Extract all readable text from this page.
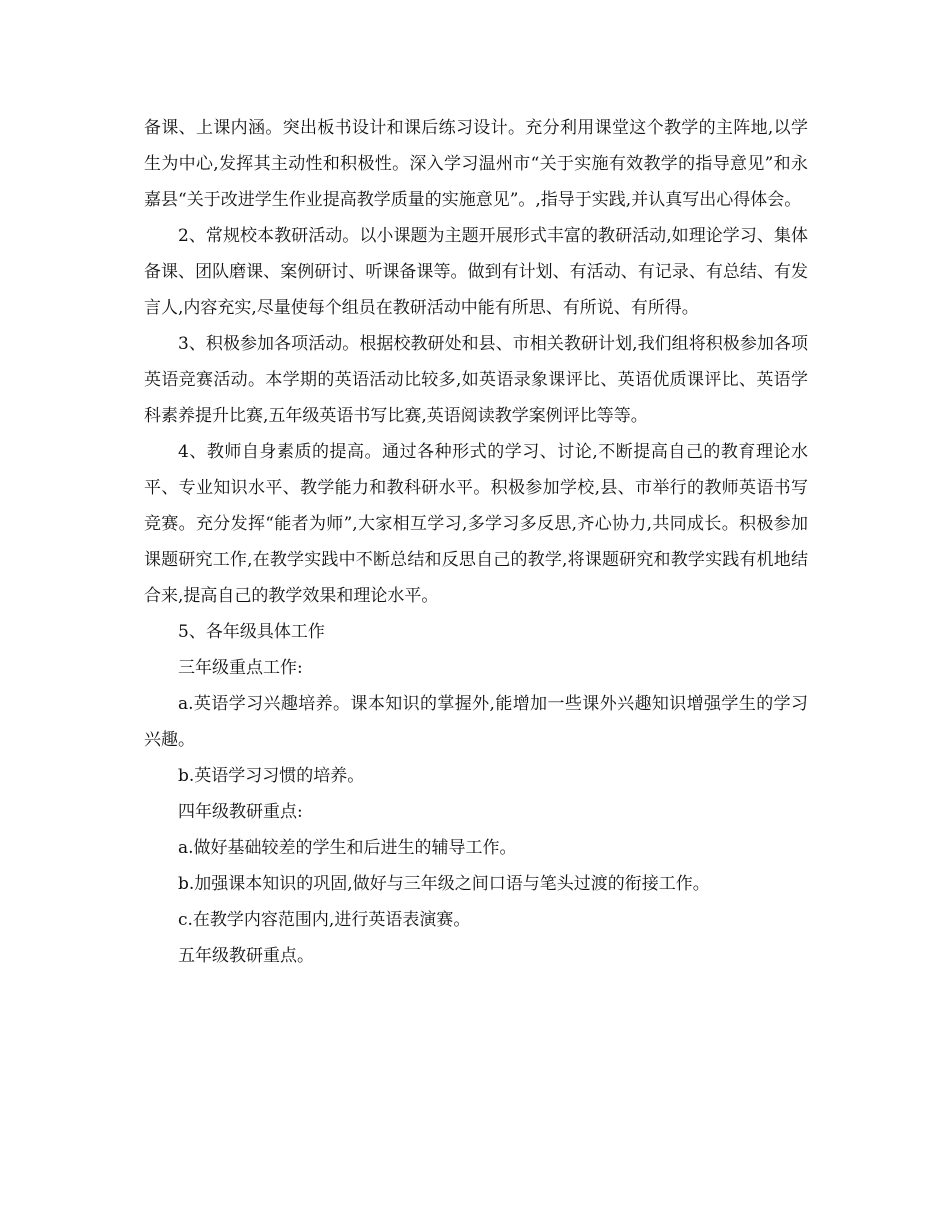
备课、上课内涵。突出板书设计和课后练习设计。充分利用课堂这个教学的主阵地,以学生为中心,发挥其主动性和积极性。深入学习温州市“关于实施有效教学的指导意见”和永嘉县“关于改进学生作业提高教学质量的实施意见”。,指导于实践,并认真写出心得体会。

2、常规校本教研活动。以小课题为主题开展形式丰富的教研活动,如理论学习、集体备课、团队磨课、案例研讨、听课备课等。做到有计划、有活动、有记录、有总结、有发言人,内容充实,尽量使每个组员在教研活动中能有所思、有所说、有所得。

3、积极参加各项活动。根据校教研处和县、市相关教研计划,我们组将积极参加各项英语竞赛活动。本学期的英语活动比较多,如英语录象课评比、英语优质课评比、英语学科素养提升比赛,五年级英语书写比赛,英语阅读教学案例评比等等。

4、教师自身素质的提高。通过各种形式的学习、讨论,不断提高自己的教育理论水平、专业知识水平、教学能力和教科研水平。积极参加学校,县、市举行的教师英语书写竞赛。充分发挥“能者为师”,大家相互学习,多学习多反思,齐心协力,共同成长。积极参加课题研究工作,在教学实践中不断总结和反思自己的教学,将课题研究和教学实践有机地结合来,提高自己的教学效果和理论水平。

5、各年级具体工作

三年级重点工作:

a.英语学习兴趣培养。课本知识的掌握外,能增加一些课外兴趣知识增强学生的学习兴趣。

b.英语学习习惯的培养。

四年级教研重点:

a.做好基础较差的学生和后进生的辅导工作。

b.加强课本知识的巩固,做好与三年级之间口语与笔头过渡的衔接工作。

c.在教学内容范围内,进行英语表演赛。

五年级教研重点。
